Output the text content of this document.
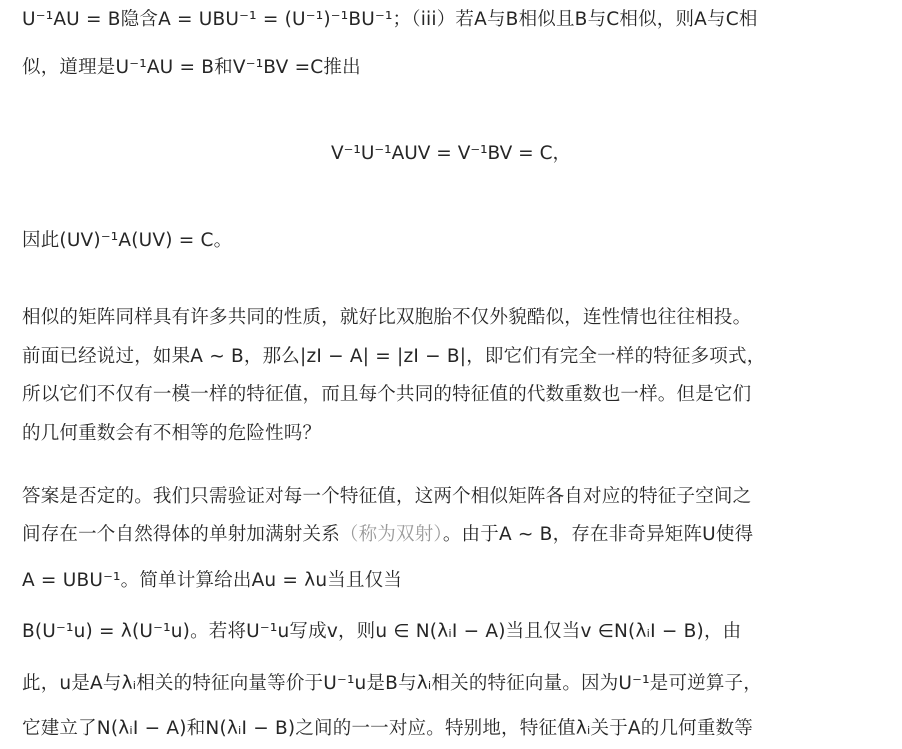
U⁻¹AU = B隐含A = UBU⁻¹ = (U⁻¹)⁻¹BU⁻¹；（iii）若A与B相似且B与C相似，则A与C相
似，道理是U⁻¹AU = B和V⁻¹BV =C推出
V⁻¹U⁻¹AUV = V⁻¹BV = C，
因此(UV)⁻¹A(UV) = C。
相似的矩阵同样具有许多共同的性质，就好比双胞胎不仅外貌酷似，连性情也往往相投。
前面已经说过，如果A ∼ B，那么|zI − A| = |zI − B|，即它们有完全一样的特征多项式，
所以它们不仅有一模一样的特征值，而且每个共同的特征值的代数重数也一样。但是它们
的几何重数会有不相等的危险性吗？
答案是否定的。我们只需验证对每一个特征值，这两个相似矩阵各自对应的特征子空间之
间存在一个自然得体的单射加满射关系（称为双射）。由于A ∼ B，存在非奇异矩阵U使得
A = UBU⁻¹。简单计算给出Au = λu当且仅当
B(U⁻¹u) = λ(U⁻¹u)。若将U⁻¹u写成v，则u ∈ N(λᵢI − A)当且仅当v ∈N(λᵢI − B)，由
此，u是A与λᵢ相关的特征向量等价于U⁻¹u是B与λᵢ相关的特征向量。因为U⁻¹是可逆算子，
它建立了N(λᵢI − A)和N(λᵢI − B)之间的一一对应。特别地，特征值λᵢ关于A的几何重数等
